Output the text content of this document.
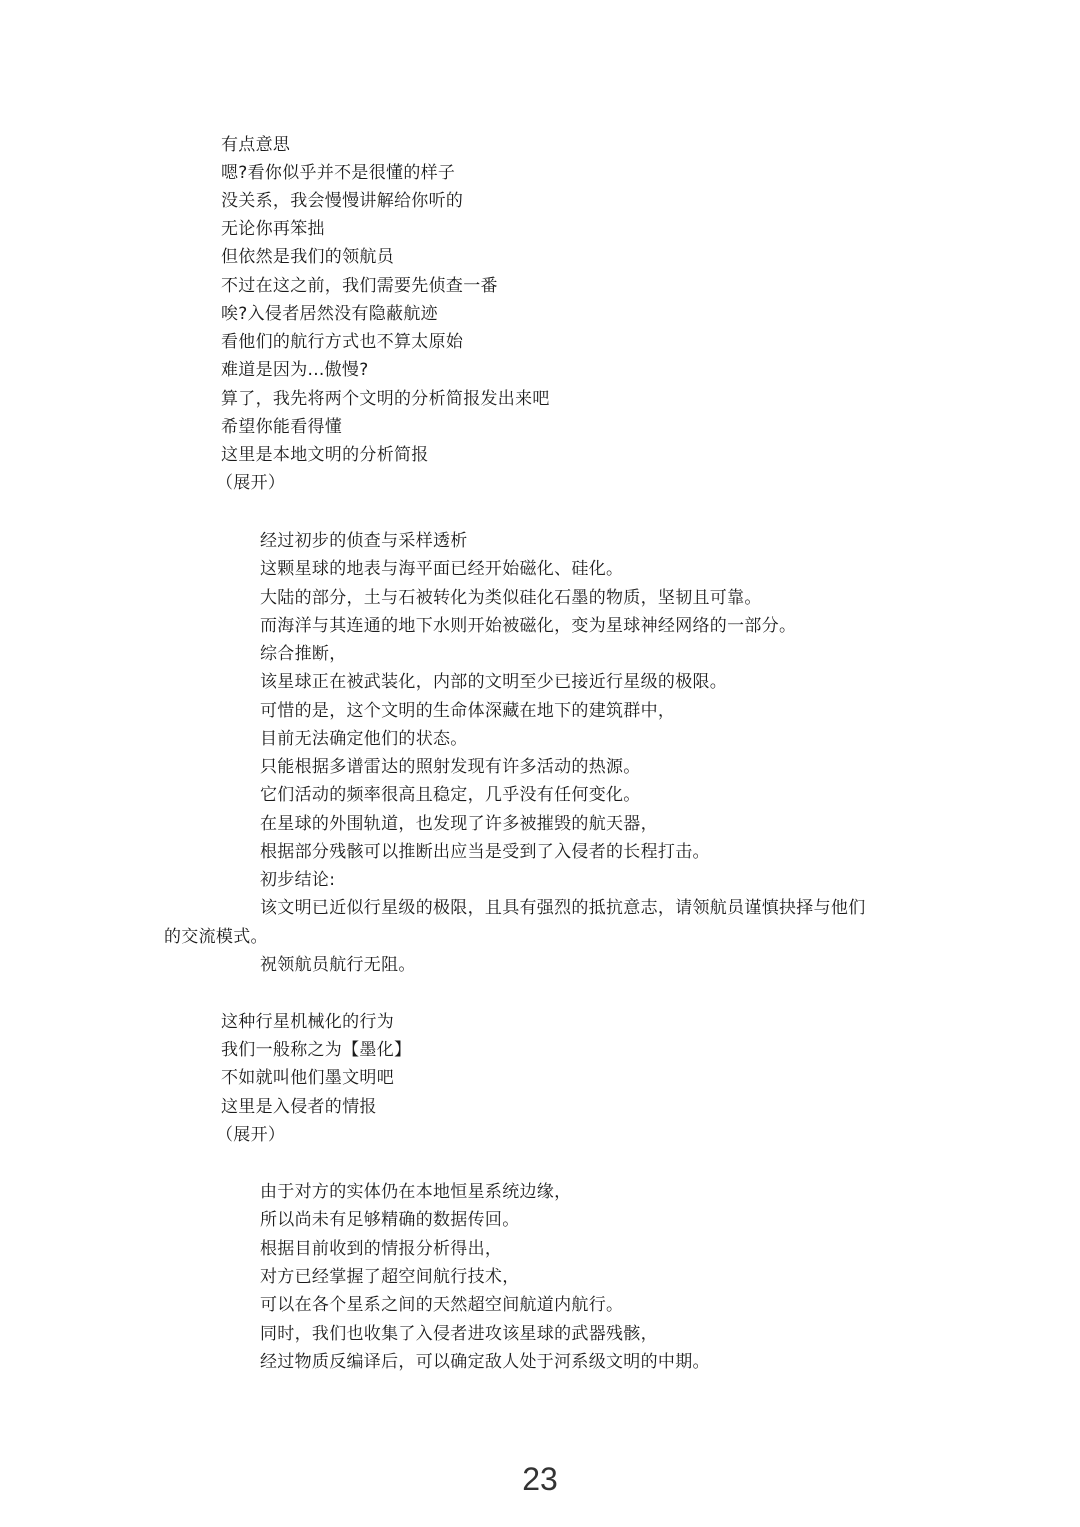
有点意思
嗯?看你似乎并不是很懂的样子
没关系，我会慢慢讲解给你听的
无论你再笨拙
但依然是我们的领航员
不过在这之前，我们需要先侦查一番
唉?入侵者居然没有隐蔽航迹
看他们的航行方式也不算太原始
难道是因为...傲慢?
算了，我先将两个文明的分析简报发出来吧
希望你能看得懂
这里是本地文明的分析简报
（展开）
经过初步的侦查与采样透析
这颗星球的地表与海平面已经开始磁化、硅化。
大陆的部分，土与石被转化为类似硅化石墨的物质，坚韧且可靠。
而海洋与其连通的地下水则开始被磁化，变为星球神经网络的一部分。
综合推断，
该星球正在被武装化，内部的文明至少已接近行星级的极限。
可惜的是，这个文明的生命体深藏在地下的建筑群中，
目前无法确定他们的状态。
只能根据多谱雷达的照射发现有许多活动的热源。
它们活动的频率很高且稳定，几乎没有任何变化。
在星球的外围轨道，也发现了许多被摧毁的航天器，
根据部分残骸可以推断出应当是受到了入侵者的长程打击。
初步结论:
该文明已近似行星级的极限，且具有强烈的抵抗意志，请领航员谨慎抉择与他们
的交流模式。
祝领航员航行无阻。
这种行星机械化的行为
我们一般称之为【墨化】
不如就叫他们墨文明吧
这里是入侵者的情报
（展开）
由于对方的实体仍在本地恒星系统边缘，
所以尚未有足够精确的数据传回。
根据目前收到的情报分析得出，
对方已经掌握了超空间航行技术，
可以在各个星系之间的天然超空间航道内航行。
同时，我们也收集了入侵者进攻该星球的武器残骸，
经过物质反编译后，可以确定敌人处于河系级文明的中期。
23
